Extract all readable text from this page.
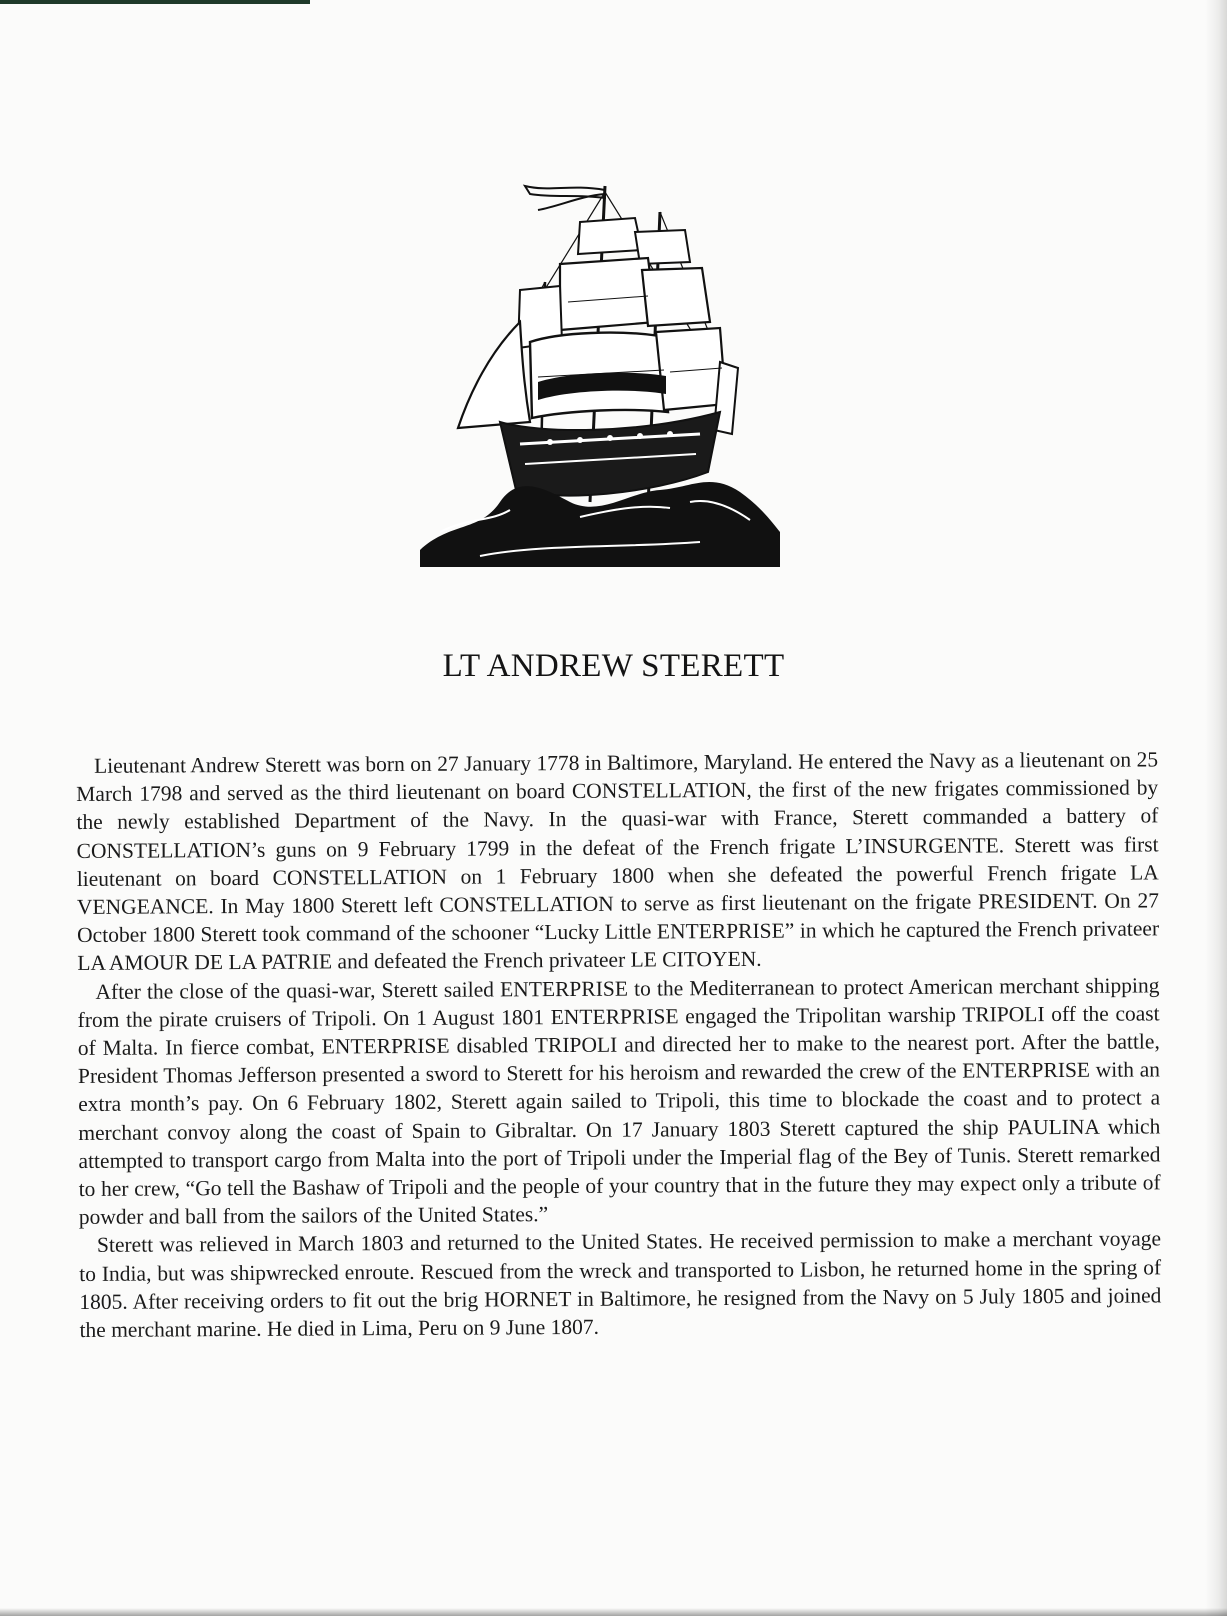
LT ANDREW STERETT

Lieutenant Andrew Sterett was born on 27 January 1778 in Baltimore, Maryland. He entered the Navy as a lieutenant on 25 March 1798 and served as the third lieutenant on board CONSTELLATION, the first of the new frigates commissioned by the newly established Department of the Navy. In the quasi-war with France, Sterett commanded a battery of CONSTELLATION’s guns on 9 February 1799 in the defeat of the French frigate L’INSURGENTE. Sterett was first lieutenant on board CONSTELLATION on 1 February 1800 when she defeated the powerful French frigate LA VENGEANCE. In May 1800 Sterett left CONSTELLATION to serve as first lieutenant on the frigate PRESIDENT. On 27 October 1800 Sterett took command of the schooner “Lucky Little ENTERPRISE” in which he captured the French privateer LA AMOUR DE LA PATRIE and defeated the French privateer LE CITOYEN.

After the close of the quasi-war, Sterett sailed ENTERPRISE to the Mediterranean to protect American merchant shipping from the pirate cruisers of Tripoli. On 1 August 1801 ENTERPRISE engaged the Tripolitan warship TRIPOLI off the coast of Malta. In fierce combat, ENTERPRISE disabled TRIPOLI and directed her to make to the nearest port. After the battle, President Thomas Jefferson presented a sword to Sterett for his heroism and rewarded the crew of the ENTERPRISE with an extra month’s pay. On 6 February 1802, Sterett again sailed to Tripoli, this time to blockade the coast and to protect a merchant convoy along the coast of Spain to Gibraltar. On 17 January 1803 Sterett captured the ship PAULINA which attempted to transport cargo from Malta into the port of Tripoli under the Imperial flag of the Bey of Tunis. Sterett remarked to her crew, “Go tell the Bashaw of Tripoli and the people of your country that in the future they may expect only a tribute of powder and ball from the sailors of the United States.”

Sterett was relieved in March 1803 and returned to the United States. He received permission to make a merchant voyage to India, but was shipwrecked enroute. Rescued from the wreck and transported to Lisbon, he returned home in the spring of 1805. After receiving orders to fit out the brig HORNET in Baltimore, he resigned from the Navy on 5 July 1805 and joined the merchant marine. He died in Lima, Peru on 9 June 1807.
